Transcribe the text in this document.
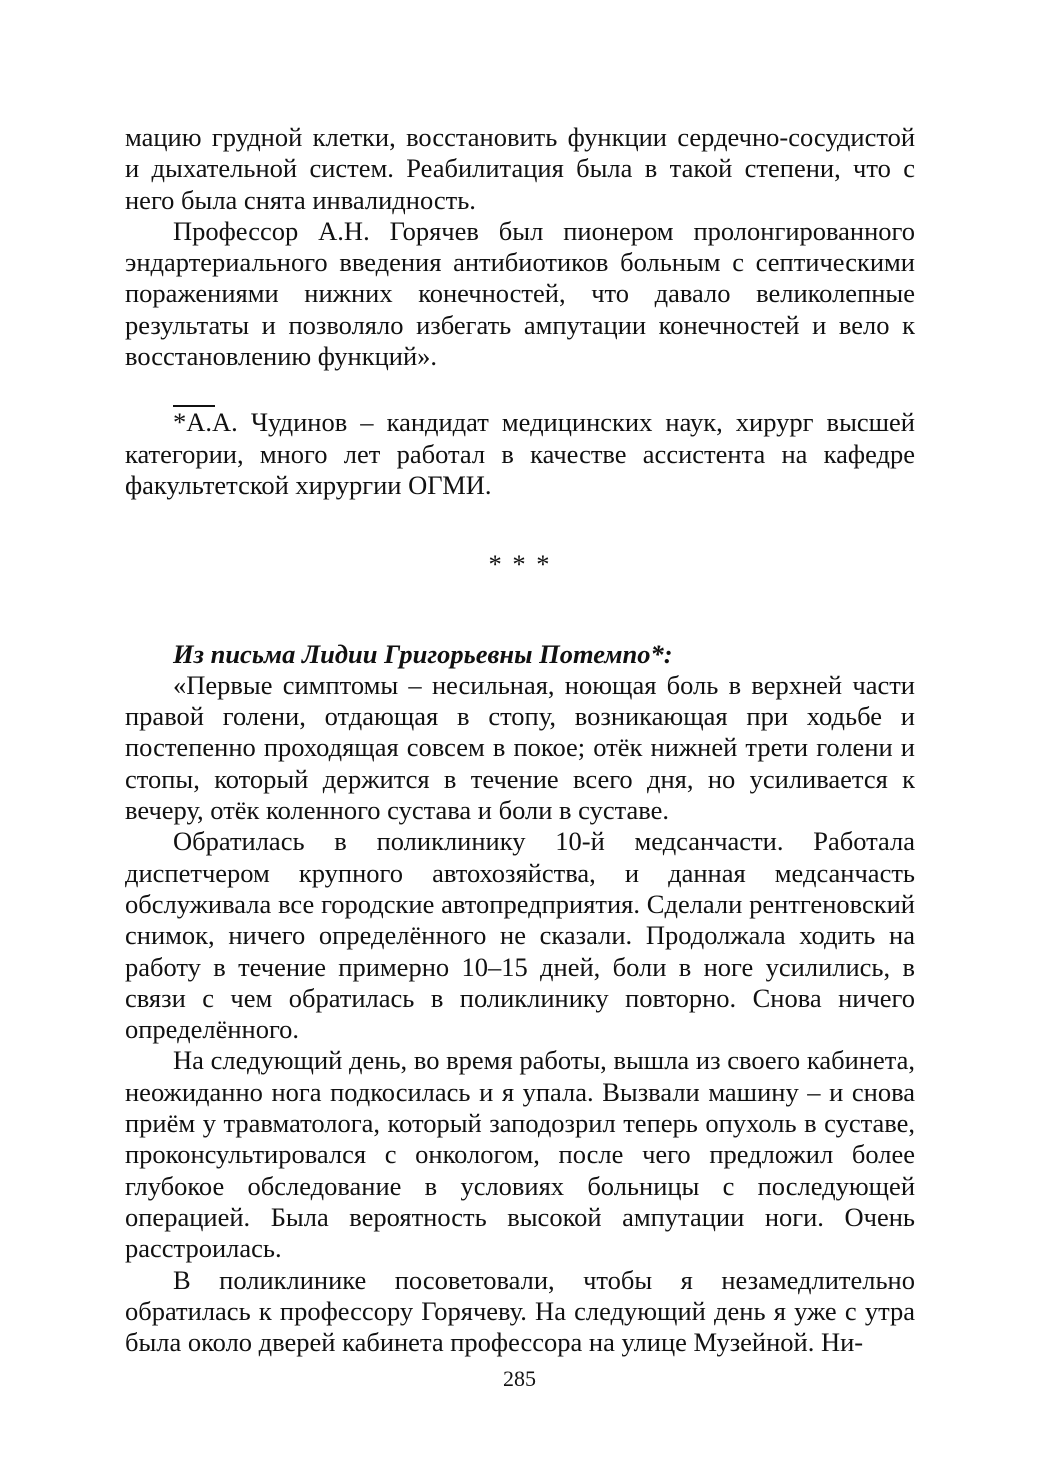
мацию грудной клетки, восстановить функции сердечно-сосудистой и дыхательной систем. Реабилитация была в такой степени, что с него была снята инвалидность.

Профессор А.Н. Горячев был пионером пролонгированного эндартериального введения антибиотиков больным с септическими поражениями нижних конечностей, что давало великолепные результаты и позволяло избегать ампутации конечностей и вело к восстановлению функций».

*А.А. Чудинов – кандидат медицинских наук, хирург высшей категории, много лет работал в качестве ассистента на кафедре факультетской хирургии ОГМИ.

* * *

Из письма Лидии Григорьевны Потемпо*:

«Первые симптомы – несильная, ноющая боль в верхней части правой голени, отдающая в стопу, возникающая при ходьбе и постепенно проходящая совсем в покое; отёк нижней трети голени и стопы, который держится в течение всего дня, но усиливается к вечеру, отёк коленного сустава и боли в суставе.

Обратилась в поликлинику 10-й медсанчасти. Работала диспетчером крупного автохозяйства, и данная медсанчасть обслуживала все городские автопредприятия. Сделали рентгеновский снимок, ничего определённого не сказали. Продолжала ходить на работу в течение примерно 10–15 дней, боли в ноге усилились, в связи с чем обратилась в поликлинику повторно. Снова ничего определённого.

На следующий день, во время работы, вышла из своего кабинета, неожиданно нога подкосилась и я упала. Вызвали машину – и снова приём у травматолога, который заподозрил теперь опухоль в суставе, проконсультировался с онкологом, после чего предложил более глубокое обследование в условиях больницы с последующей операцией. Была вероятность высокой ампутации ноги. Очень расстроилась.

В поликлинике посоветовали, чтобы я незамедлительно обратилась к профессору Горячеву. На следующий день я уже с утра была около дверей кабинета профессора на улице Музейной. Ни-

285
